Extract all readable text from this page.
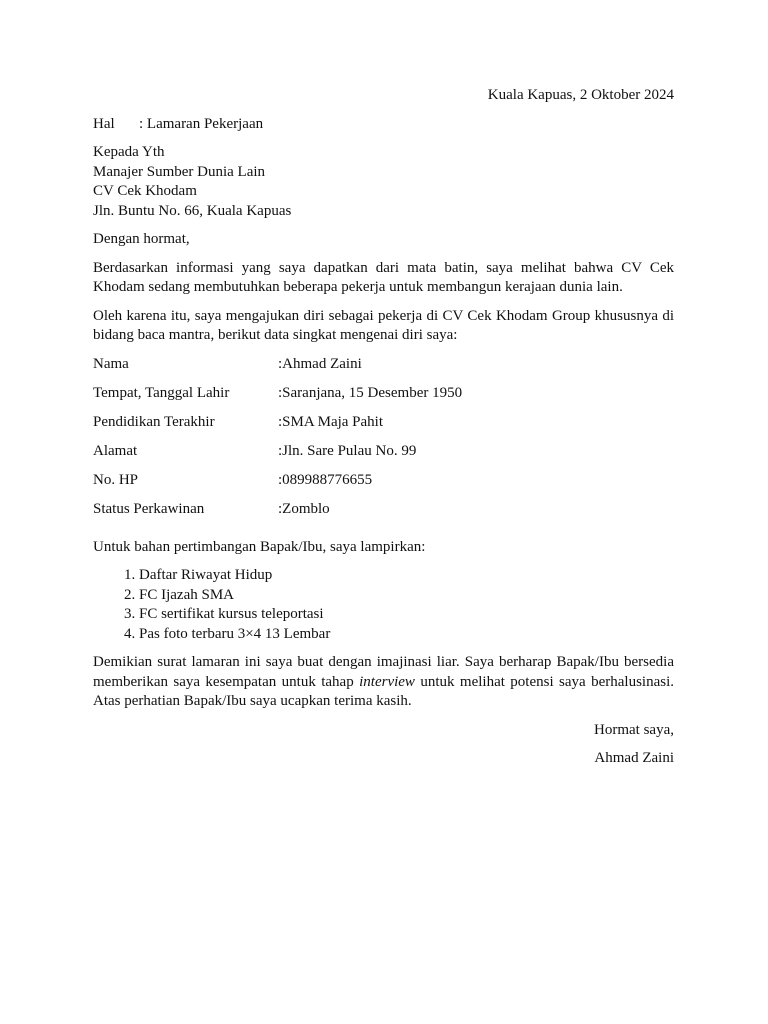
Kuala Kapuas, 2 Oktober 2024

Hal : Lamaran Pekerjaan

Kepada Yth
Manajer Sumber Dunia Lain
CV Cek Khodam
Jln. Buntu No. 66, Kuala Kapuas

Dengan hormat,

Berdasarkan informasi yang saya dapatkan dari mata batin, saya melihat bahwa CV Cek Khodam sedang membutuhkan beberapa pekerja untuk membangun kerajaan dunia lain.

Oleh karena itu, saya mengajukan diri sebagai pekerja di CV Cek Khodam Group khususnya di bidang baca mantra, berikut data singkat mengenai diri saya:

Nama	:Ahmad Zaini
Tempat, Tanggal Lahir	:Saranjana, 15 Desember 1950
Pendidikan Terakhir	:SMA Maja Pahit
Alamat	:Jln. Sare Pulau No. 99
No. HP	:089988776655
Status Perkawinan	:Zomblo

Untuk bahan pertimbangan Bapak/Ibu, saya lampirkan:

1. Daftar Riwayat Hidup
2. FC Ijazah SMA
3. FC sertifikat kursus teleportasi
4. Pas foto terbaru 3×4 13 Lembar

Demikian surat lamaran ini saya buat dengan imajinasi liar. Saya berharap Bapak/Ibu bersedia memberikan saya kesempatan untuk tahap interview untuk melihat potensi saya berhalusinasi. Atas perhatian Bapak/Ibu saya ucapkan terima kasih.

Hormat saya,

Ahmad Zaini
